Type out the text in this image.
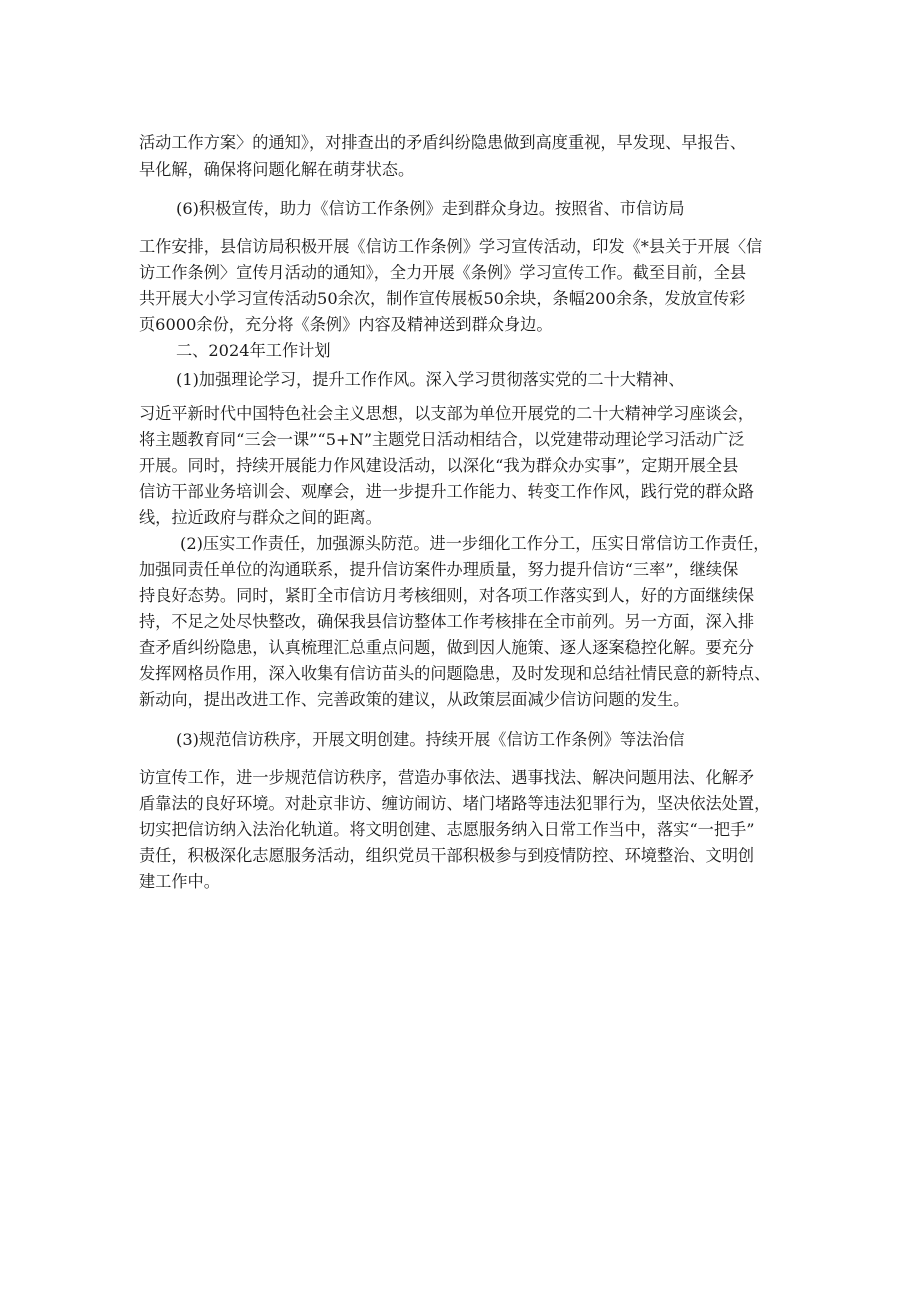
活动工作方案〉的通知》，对排查出的矛盾纠纷隐患做到高度重视，早发现、早报告、
早化解，确保将问题化解在萌芽状态。
(6)积极宣传，助力《信访工作条例》走到群众身边。按照省、市信访局
工作安排，县信访局积极开展《信访工作条例》学习宣传活动，印发《*县关于开展〈信
访工作条例〉宣传月活动的通知》，全力开展《条例》学习宣传工作。截至目前，全县
共开展大小学习宣传活动50余次，制作宣传展板50余块，条幅200余条，发放宣传彩
页6000余份，充分将《条例》内容及精神送到群众身边。
二、2024年工作计划
(1)加强理论学习，提升工作作风。深入学习贯彻落实党的二十大精神、
习近平新时代中国特色社会主义思想，以支部为单位开展党的二十大精神学习座谈会，
将主题教育同“三会一课”“5+N”主题党日活动相结合，以党建带动理论学习活动广泛
开展。同时，持续开展能力作风建设活动，以深化“我为群众办实事”，定期开展全县
信访干部业务培训会、观摩会，进一步提升工作能力、转变工作作风，践行党的群众路
线，拉近政府与群众之间的距离。
(2)压实工作责任，加强源头防范。进一步细化工作分工，压实日常信访工作责任，
加强同责任单位的沟通联系，提升信访案件办理质量，努力提升信访“三率”，继续保
持良好态势。同时，紧盯全市信访月考核细则，对各项工作落实到人，好的方面继续保
持，不足之处尽快整改，确保我县信访整体工作考核排在全市前列。另一方面，深入排
查矛盾纠纷隐患，认真梳理汇总重点问题，做到因人施策、逐人逐案稳控化解。要充分
发挥网格员作用，深入收集有信访苗头的问题隐患，及时发现和总结社情民意的新特点、
新动向，提出改进工作、完善政策的建议，从政策层面减少信访问题的发生。
(3)规范信访秩序，开展文明创建。持续开展《信访工作条例》等法治信
访宣传工作，进一步规范信访秩序，营造办事依法、遇事找法、解决问题用法、化解矛
盾靠法的良好环境。对赴京非访、缠访闹访、堵门堵路等违法犯罪行为，坚决依法处置，
切实把信访纳入法治化轨道。将文明创建、志愿服务纳入日常工作当中，落实“一把手”
责任，积极深化志愿服务活动，组织党员干部积极参与到疫情防控、环境整治、文明创
建工作中。
